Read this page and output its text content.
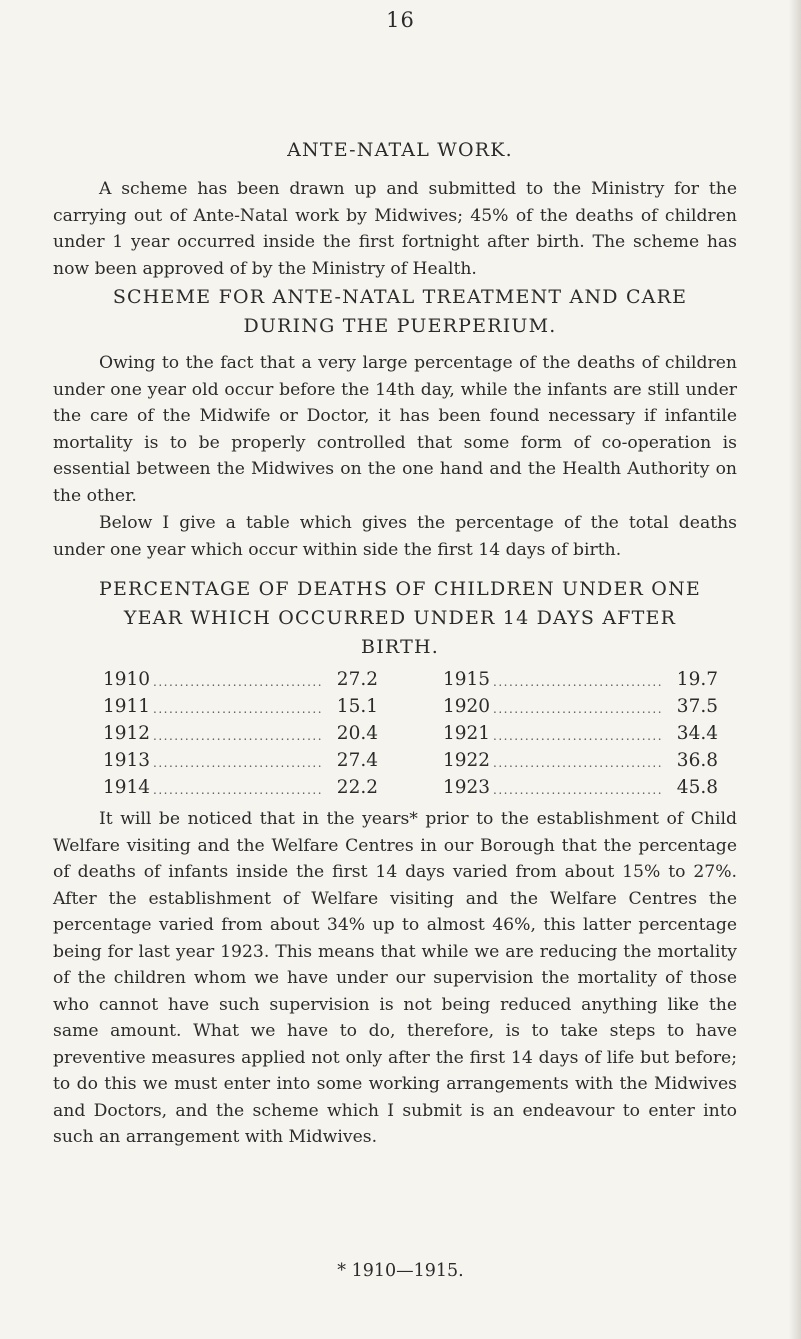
16
ANTE-NATAL WORK.

A scheme has been drawn up and submitted to the Ministry for the carrying out of Ante-Natal work by Midwives; 45% of the deaths of children under 1 year occurred inside the first fortnight after birth. The scheme has now been approved of by the Ministry of Health.

SCHEME FOR ANTE-NATAL TREATMENT AND CARE
DURING THE PUERPERIUM.

Owing to the fact that a very large percentage of the deaths of children under one year old occur before the 14th day, while the infants are still under the care of the Midwife or Doctor, it has been found necessary if infantile mortality is to be properly controlled that some form of co-operation is essential between the Midwives on the one hand and the Health Authority on the other.

Below I give a table which gives the percentage of the total deaths under one year which occur within side the first 14 days of birth.

PERCENTAGE OF DEATHS OF CHILDREN UNDER ONE
YEAR WHICH OCCURRED UNDER 14 DAYS AFTER
BIRTH.
1910 ................................ 27.2
1911 ................................ 15.1
1912 ................................ 20.4
1913 ................................ 27.4
1914 ................................ 22.2
1915 ................................ 19.7
1920 ................................ 37.5
1921 ................................ 34.4
1922 ................................ 36.8
1923 ................................ 45.8

It will be noticed that in the years* prior to the establishment of Child Welfare visiting and the Welfare Centres in our Borough that the percentage of deaths of infants inside the first 14 days varied from about 15% to 27%. After the establishment of Welfare visiting and the Welfare Centres the percentage varied from about 34% up to almost 46%, this latter percentage being for last year 1923. This means that while we are reducing the mortality of the children whom we have under our supervision the mortality of those who cannot have such supervision is not being reduced anything like the same amount. What we have to do, therefore, is to take steps to have preventive measures applied not only after the first 14 days of life but before; to do this we must enter into some working arrangements with the Midwives and Doctors, and the scheme which I submit is an endeavour to enter into such an arrangement with Midwives.

* 1910—1915.
